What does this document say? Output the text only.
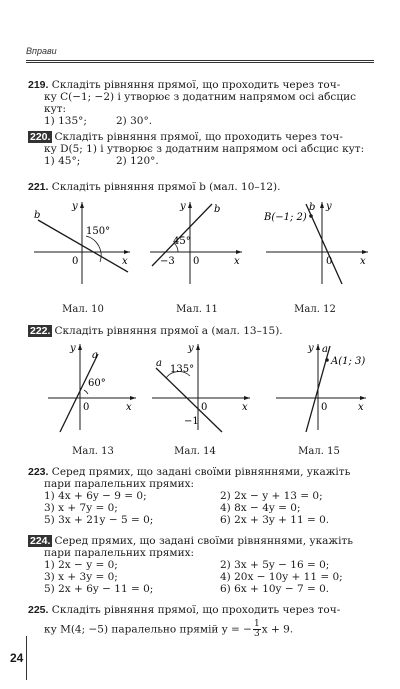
Вправи
219. Складіть рівняння прямої, що проходить через точ-
ку C(−1; −2) і утворює з додатним напрямом осі абсцис
кут:
1) 135°;	2) 30°.
220. Складіть рівняння прямої, що проходить через точ-
ку D(5; 1) і утворює з додатним напрямом осі абсцис кут:
1) 45°;	2) 120°.
221. Складіть рівняння прямої b (мал. 10–12).
b
150°
y
x
0
Мал. 10
b
45°
y
x
0
−3
Мал. 11
B(−1; 2)
b y
x
0
Мал. 12
222. Складіть рівняння прямої a (мал. 13–15).
a
60°
y
x
0
Мал. 13
a
135°
y
x
0
−1
Мал. 14
A(1; 3)
a
y
x
0
Мал. 15
223. Серед прямих, що задані своїми рівняннями, укажіть
пари паралельних прямих:
1) 4x + 6y − 9 = 0;	2) 2x − y + 13 = 0;
3) x + 7y = 0;	4) 8x − 4y = 0;
5) 3x + 21y − 5 = 0;	6) 2x + 3y + 11 = 0.
224. Серед прямих, що задані своїми рівняннями, укажіть
пари паралельних прямих:
1) 2x − y = 0;	2) 3x + 5y − 16 = 0;
3) x + 3y = 0;	4) 20x − 10y + 11 = 0;
5) 2x + 6y − 11 = 0;	6) 6x + 10y − 7 = 0.
225. Складіть рівняння прямої, що проходить через точ-
ку M(4; −5) паралельно прямій y = − $\frac{1}{3}$ x + 9.
24
